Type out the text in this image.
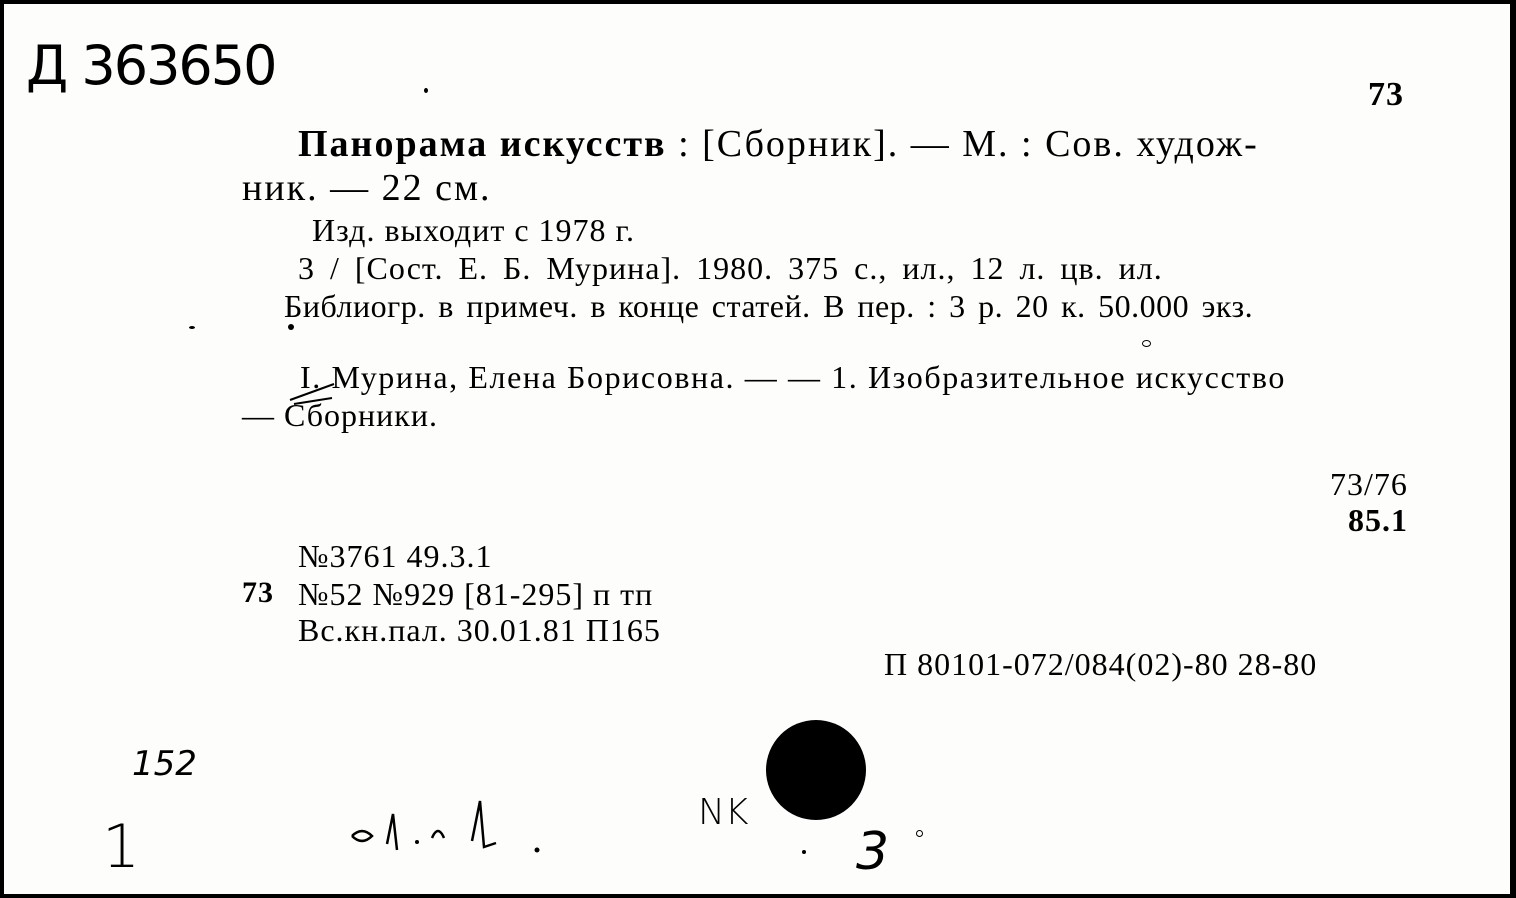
Д 363650	73
Панорама искусств : [Сборник]. — М. : Сов. худож-
ник. — 22 см.
Изд. выходит с 1978 г.
3 / [Сост. Е. Б. Мурина]. 1980. 375 с., ил., 12 л. цв. ил.
Библиогр. в примеч. в конце статей. В пер. : 3 р. 20 к. 50.000 экз.
I. Мурина, Елена Борисовна. — — 1. Изобразительное искусство
— Сборники.
73/76
85.1
№3761 49.3.1
73 №52 №929 [81-295] п тп
Вс.кн.пал. 30.01.81 П165
П 80101-072/084(02)-80 28-80
152
1	NK
3
